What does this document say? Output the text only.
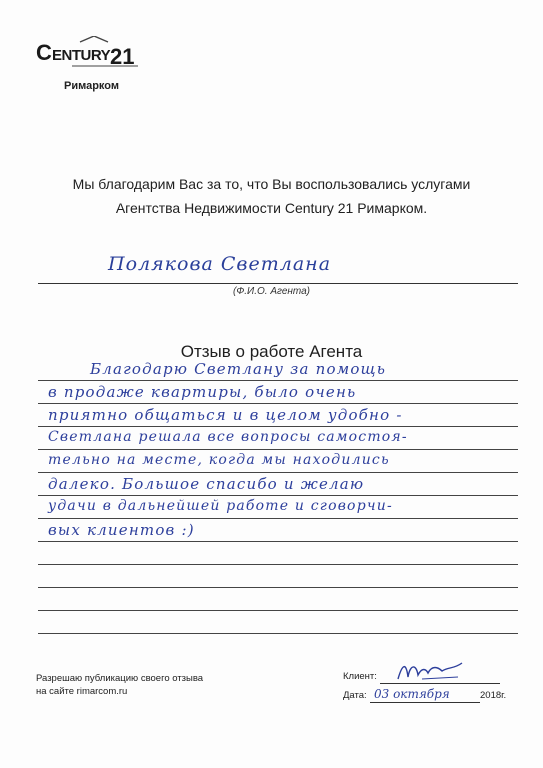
C ENTURY 21
Римарком
Мы благодарим Вас за то, что Вы воспользовались услугами
Агентства Недвижимости Century 21 Римарком.
Полякова Светлана
(Ф.И.О. Агента)
Отзыв о работе Агента
Благодарю Светлану за помощь
в продаже квартиры, было очень
приятно общаться и в целом удобно -
Светлана решала все вопросы самостоя-
тельно на месте, когда мы находились
далеко. Большое спасибо и желаю
удачи в дальнейшей работе и сговорчи-
вых клиентов :)
Разрешаю публикацию своего отзыва
на сайте rimarcom.ru
Клиент:
Дата: 03 октября	2018г.
